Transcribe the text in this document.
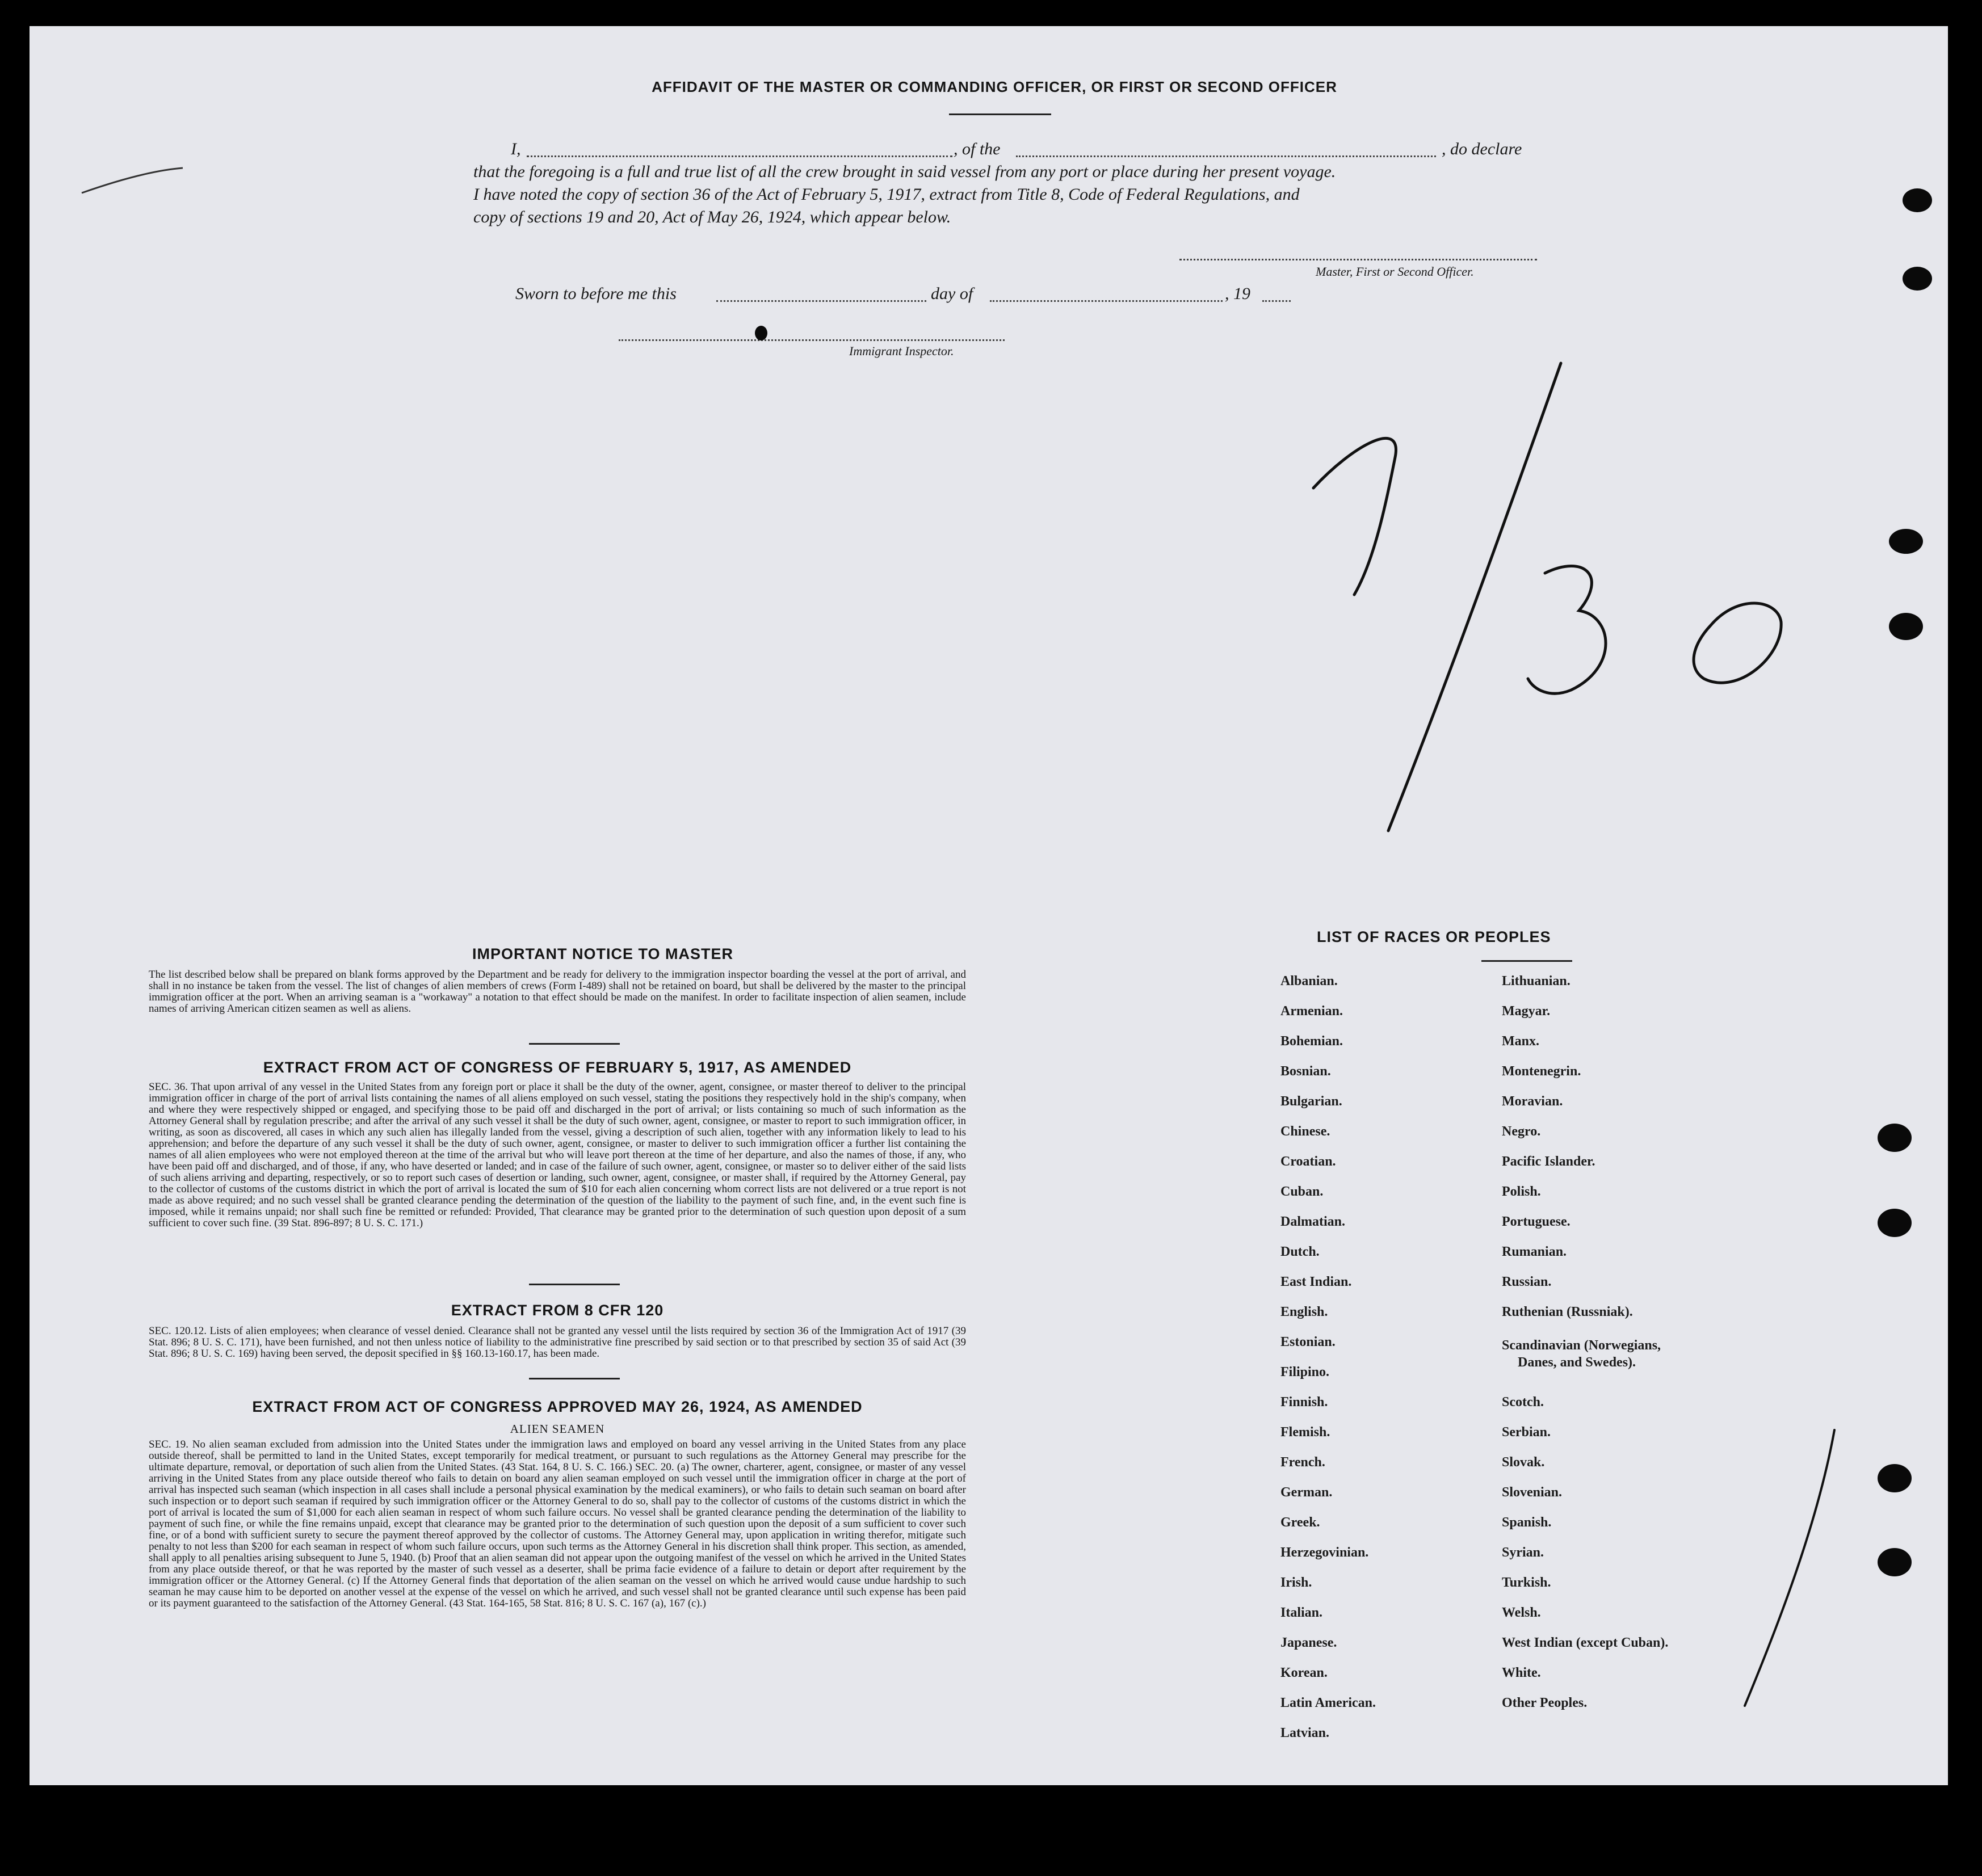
AFFIDAVIT OF THE MASTER OR COMMANDING OFFICER, OR FIRST OR SECOND OFFICER
I,	, of the	, do declare
that the foregoing is a full and true list of all the crew brought in said vessel from any port or place during her present voyage.
I have noted the copy of section 36 of the Act of February 5, 1917, extract from Title 8, Code of Federal Regulations, and
copy of sections 19 and 20, Act of May 26, 1924, which appear below.
Master, First or Second Officer.
Sworn to before me this	day of	, 19
Immigrant Inspector.
IMPORTANT NOTICE TO MASTER
The list described below shall be prepared on blank forms approved by the Department and be ready for delivery to the immigration inspector boarding the vessel at the port of arrival, and shall in no instance be taken from the vessel. The list of changes of alien members of crews (Form I-489) shall not be retained on board, but shall be delivered by the master to the principal immigration officer at the port. When an arriving seaman is a "workaway" a notation to that effect should be made on the manifest. In order to facilitate inspection of alien seamen, include names of arriving American citizen seamen as well as aliens.
EXTRACT FROM ACT OF CONGRESS OF FEBRUARY 5, 1917, AS AMENDED
SEC. 36. That upon arrival of any vessel in the United States from any foreign port or place it shall be the duty of the owner, agent, consignee, or master thereof to deliver to the principal immigration officer in charge of the port of arrival lists containing the names of all aliens employed on such vessel, stating the positions they respectively hold in the ship's company, when and where they were respectively shipped or engaged, and specifying those to be paid off and discharged in the port of arrival; or lists containing so much of such information as the Attorney General shall by regulation prescribe; and after the arrival of any such vessel it shall be the duty of such owner, agent, consignee, or master to report to such immigration officer, in writing, as soon as discovered, all cases in which any such alien has illegally landed from the vessel, giving a description of such alien, together with any information likely to lead to his apprehension; and before the departure of any such vessel it shall be the duty of such owner, agent, consignee, or master to deliver to such immigration officer a further list containing the names of all alien employees who were not employed thereon at the time of the arrival but who will leave port thereon at the time of her departure, and also the names of those, if any, who have been paid off and discharged, and of those, if any, who have deserted or landed; and in case of the failure of such owner, agent, consignee, or master so to deliver either of the said lists of such aliens arriving and departing, respectively, or so to report such cases of desertion or landing, such owner, agent, consignee, or master shall, if required by the Attorney General, pay to the collector of customs of the customs district in which the port of arrival is located the sum of $10 for each alien concerning whom correct lists are not delivered or a true report is not made as above required; and no such vessel shall be granted clearance pending the determination of the question of the liability to the payment of such fine, and, in the event such fine is imposed, while it remains unpaid; nor shall such fine be remitted or refunded: Provided, That clearance may be granted prior to the determination of such question upon deposit of a sum sufficient to cover such fine. (39 Stat. 896-897; 8 U. S. C. 171.)
EXTRACT FROM 8 CFR 120
SEC. 120.12. Lists of alien employees; when clearance of vessel denied. Clearance shall not be granted any vessel until the lists required by section 36 of the Immigration Act of 1917 (39 Stat. 896; 8 U. S. C. 171), have been furnished, and not then unless notice of liability to the administrative fine prescribed by said section or to that prescribed by section 35 of said Act (39 Stat. 896; 8 U. S. C. 169) having been served, the deposit specified in §§ 160.13-160.17, has been made.
EXTRACT FROM ACT OF CONGRESS APPROVED MAY 26, 1924, AS AMENDED
ALIEN SEAMEN
SEC. 19. No alien seaman excluded from admission into the United States under the immigration laws and employed on board any vessel arriving in the United States from any place outside thereof, shall be permitted to land in the United States, except temporarily for medical treatment, or pursuant to such regulations as the Attorney General may prescribe for the ultimate departure, removal, or deportation of such alien from the United States. (43 Stat. 164, 8 U. S. C. 166.) SEC. 20. (a) The owner, charterer, agent, consignee, or master of any vessel arriving in the United States from any place outside thereof who fails to detain on board any alien seaman employed on such vessel until the immigration officer in charge at the port of arrival has inspected such seaman (which inspection in all cases shall include a personal physical examination by the medical examiners), or who fails to detain such seaman on board after such inspection or to deport such seaman if required by such immigration officer or the Attorney General to do so, shall pay to the collector of customs of the customs district in which the port of arrival is located the sum of $1,000 for each alien seaman in respect of whom such failure occurs. No vessel shall be granted clearance pending the determination of the liability to payment of such fine, or while the fine remains unpaid, except that clearance may be granted prior to the determination of such question upon the deposit of a sum sufficient to cover such fine, or of a bond with sufficient surety to secure the payment thereof approved by the collector of customs. The Attorney General may, upon application in writing therefor, mitigate such penalty to not less than $200 for each seaman in respect of whom such failure occurs, upon such terms as the Attorney General in his discretion shall think proper. This section, as amended, shall apply to all penalties arising subsequent to June 5, 1940. (b) Proof that an alien seaman did not appear upon the outgoing manifest of the vessel on which he arrived in the United States from any place outside thereof, or that he was reported by the master of such vessel as a deserter, shall be prima facie evidence of a failure to detain or deport after requirement by the immigration officer or the Attorney General. (c) If the Attorney General finds that deportation of the alien seaman on the vessel on which he arrived would cause undue hardship to such seaman he may cause him to be deported on another vessel at the expense of the vessel on which he arrived, and such vessel shall not be granted clearance until such expense has been paid or its payment guaranteed to the satisfaction of the Attorney General. (43 Stat. 164-165, 58 Stat. 816; 8 U. S. C. 167 (a), 167 (c).)
LIST OF RACES OR PEOPLES
Albanian.
Armenian.
Bohemian.
Bosnian.
Bulgarian.
Chinese.
Croatian.
Cuban.
Dalmatian.
Dutch.
East Indian.
English.
Estonian.
Filipino.
Finnish.
Flemish.
French.
German.
Greek.
Herzegovinian.
Irish.
Italian.
Japanese.
Korean.
Latin American.
Latvian.
Lithuanian.
Magyar.
Manx.
Montenegrin.
Moravian.
Negro.
Pacific Islander.
Polish.
Portuguese.
Rumanian.
Russian.
Ruthenian (Russniak).
Scandinavian (Norwegians,
Danes, and Swedes).
Scotch.
Serbian.
Slovak.
Slovenian.
Spanish.
Syrian.
Turkish.
Welsh.
West Indian (except Cuban).
White.
Other Peoples.
